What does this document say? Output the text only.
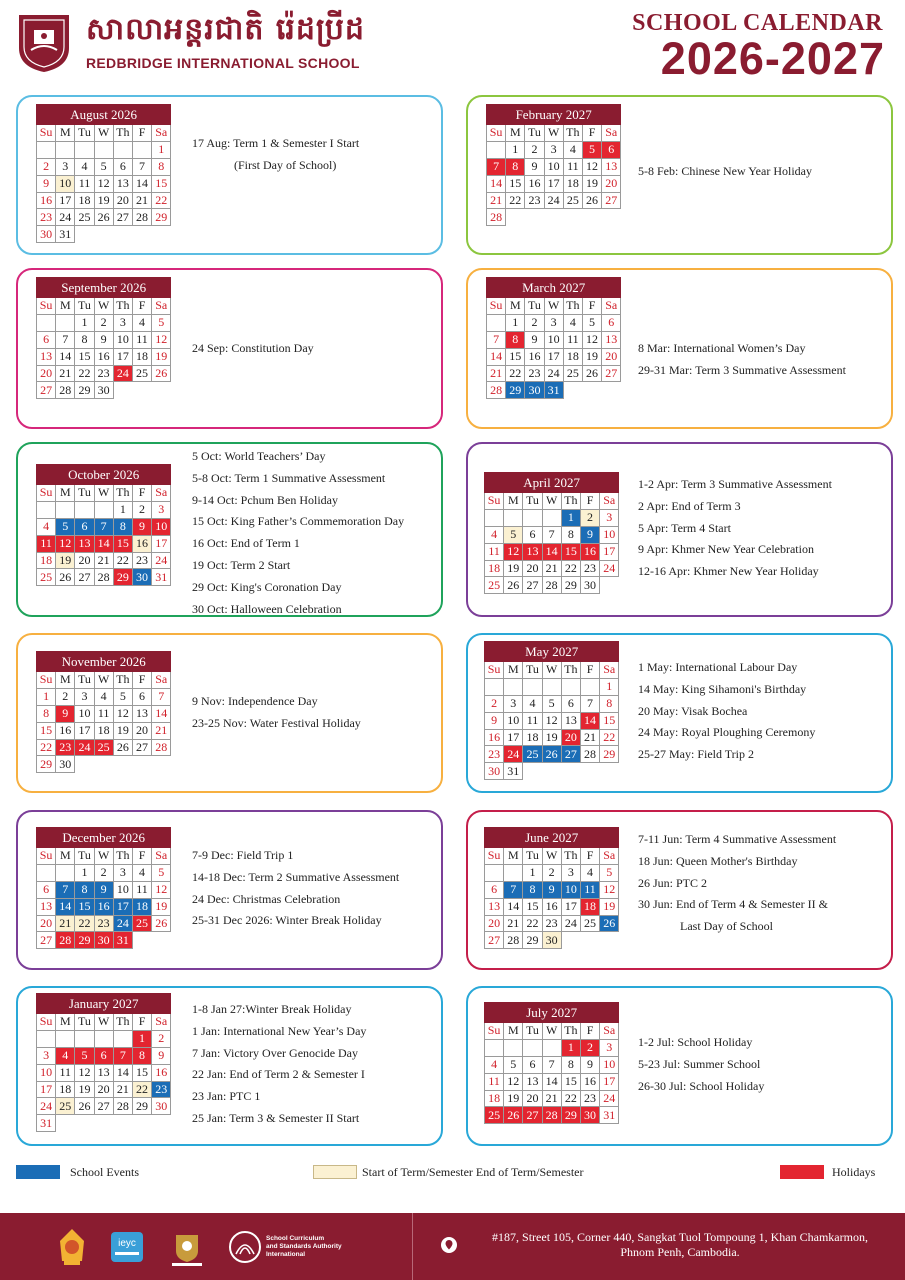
សាលាអន្តរជាតិ រ៉េដប្រីដ
REDBRIDGE INTERNATIONAL SCHOOL
SCHOOL CALENDAR
2026-2027
August 2026						
Su	M	Tu	W	Th	F	Sa
						1
2	3	4	5	6	7	8
9	10	11	12	13	14	15
16	17	18	19	20	21	22
23	24	25	26	27	28	29
30	31					
17 Aug: Term 1 & Semester I Start
(First Day of School)
February 2027						
Su	M	Tu	W	Th	F	Sa
	1	2	3	4	5	6
7	8	9	10	11	12	13
14	15	16	17	18	19	20
21	22	23	24	25	26	27
28						
5-8 Feb: Chinese New Year Holiday
September 2026						
Su	M	Tu	W	Th	F	Sa
		1	2	3	4	5
6	7	8	9	10	11	12
13	14	15	16	17	18	19
20	21	22	23	24	25	26
27	28	29	30			
24 Sep: Constitution Day
March 2027						
Su	M	Tu	W	Th	F	Sa
	1	2	3	4	5	6
7	8	9	10	11	12	13
14	15	16	17	18	19	20
21	22	23	24	25	26	27
28	29	30	31			
8 Mar: International Women’s Day
29-31 Mar: Term 3 Summative Assessment
October 2026						
Su	M	Tu	W	Th	F	Sa
				1	2	3
4	5	6	7	8	9	10
11	12	13	14	15	16	17
18	19	20	21	22	23	24
25	26	27	28	29	30	31
5 Oct: World Teachers’ Day
5-8 Oct: Term 1 Summative Assessment
9-14 Oct: Pchum Ben Holiday
15 Oct: King Father’s Commemoration Day
16 Oct: End of Term 1
19 Oct: Term 2 Start
29 Oct: King's Coronation Day
30 Oct: Halloween Celebration
April 2027						
Su	M	Tu	W	Th	F	Sa
				1	2	3
4	5	6	7	8	9	10
11	12	13	14	15	16	17
18	19	20	21	22	23	24
25	26	27	28	29	30	
1-2 Apr: Term 3 Summative Assessment
2 Apr: End of Term 3
5 Apr: Term 4 Start
9 Apr: Khmer New Year Celebration
12-16 Apr: Khmer New Year Holiday
November 2026						
Su	M	Tu	W	Th	F	Sa
1	2	3	4	5	6	7
8	9	10	11	12	13	14
15	16	17	18	19	20	21
22	23	24	25	26	27	28
29	30					
9 Nov: Independence Day
23-25 Nov: Water Festival Holiday
May 2027						
Su	M	Tu	W	Th	F	Sa
						1
2	3	4	5	6	7	8
9	10	11	12	13	14	15
16	17	18	19	20	21	22
23	24	25	26	27	28	29
30	31					
1 May: International Labour Day
14 May: King Sihamoni's Birthday
20 May: Visak Bochea
24 May: Royal Ploughing Ceremony
25-27 May: Field Trip 2
December 2026						
Su	M	Tu	W	Th	F	Sa
		1	2	3	4	5
6	7	8	9	10	11	12
13	14	15	16	17	18	19
20	21	22	23	24	25	26
27	28	29	30	31		
7-9 Dec: Field Trip 1
14-18 Dec: Term 2 Summative Assessment
24 Dec: Christmas Celebration
25-31 Dec 2026: Winter Break Holiday
June 2027						
Su	M	Tu	W	Th	F	Sa
		1	2	3	4	5
6	7	8	9	10	11	12
13	14	15	16	17	18	19
20	21	22	23	24	25	26
27	28	29	30			
7-11 Jun: Term 4 Summative Assessment
18 Jun: Queen Mother's Birthday
26 Jun: PTC 2
30 Jun: End of Term 4 & Semester II &
Last Day of School
January 2027						
Su	M	Tu	W	Th	F	Sa
					1	2
3	4	5	6	7	8	9
10	11	12	13	14	15	16
17	18	19	20	21	22	23
24	25	26	27	28	29	30
31						
1-8 Jan 27:Winter Break Holiday
1 Jan: International New Year’s Day
7 Jan: Victory Over Genocide Day
22 Jan: End of Term 2 & Semester I
23 Jan: PTC 1
25 Jan: Term 3 & Semester II Start
July 2027						
Su	M	Tu	W	Th	F	Sa
				1	2	3
4	5	6	7	8	9	10
11	12	13	14	15	16	17
18	19	20	21	22	23	24
25	26	27	28	29	30	31
1-2 Jul: School Holiday
5-23 Jul: Summer School
26-30 Jul: School Holiday
School Events	Start of Term/Semester End of Term/Semester	Holidays
ieyc	School Curriculum
and Standards Authority
International
#187, Street 105, Corner 440, Sangkat Tuol Tompoung 1, Khan Chamkarmon,
Phnom Penh, Cambodia.
